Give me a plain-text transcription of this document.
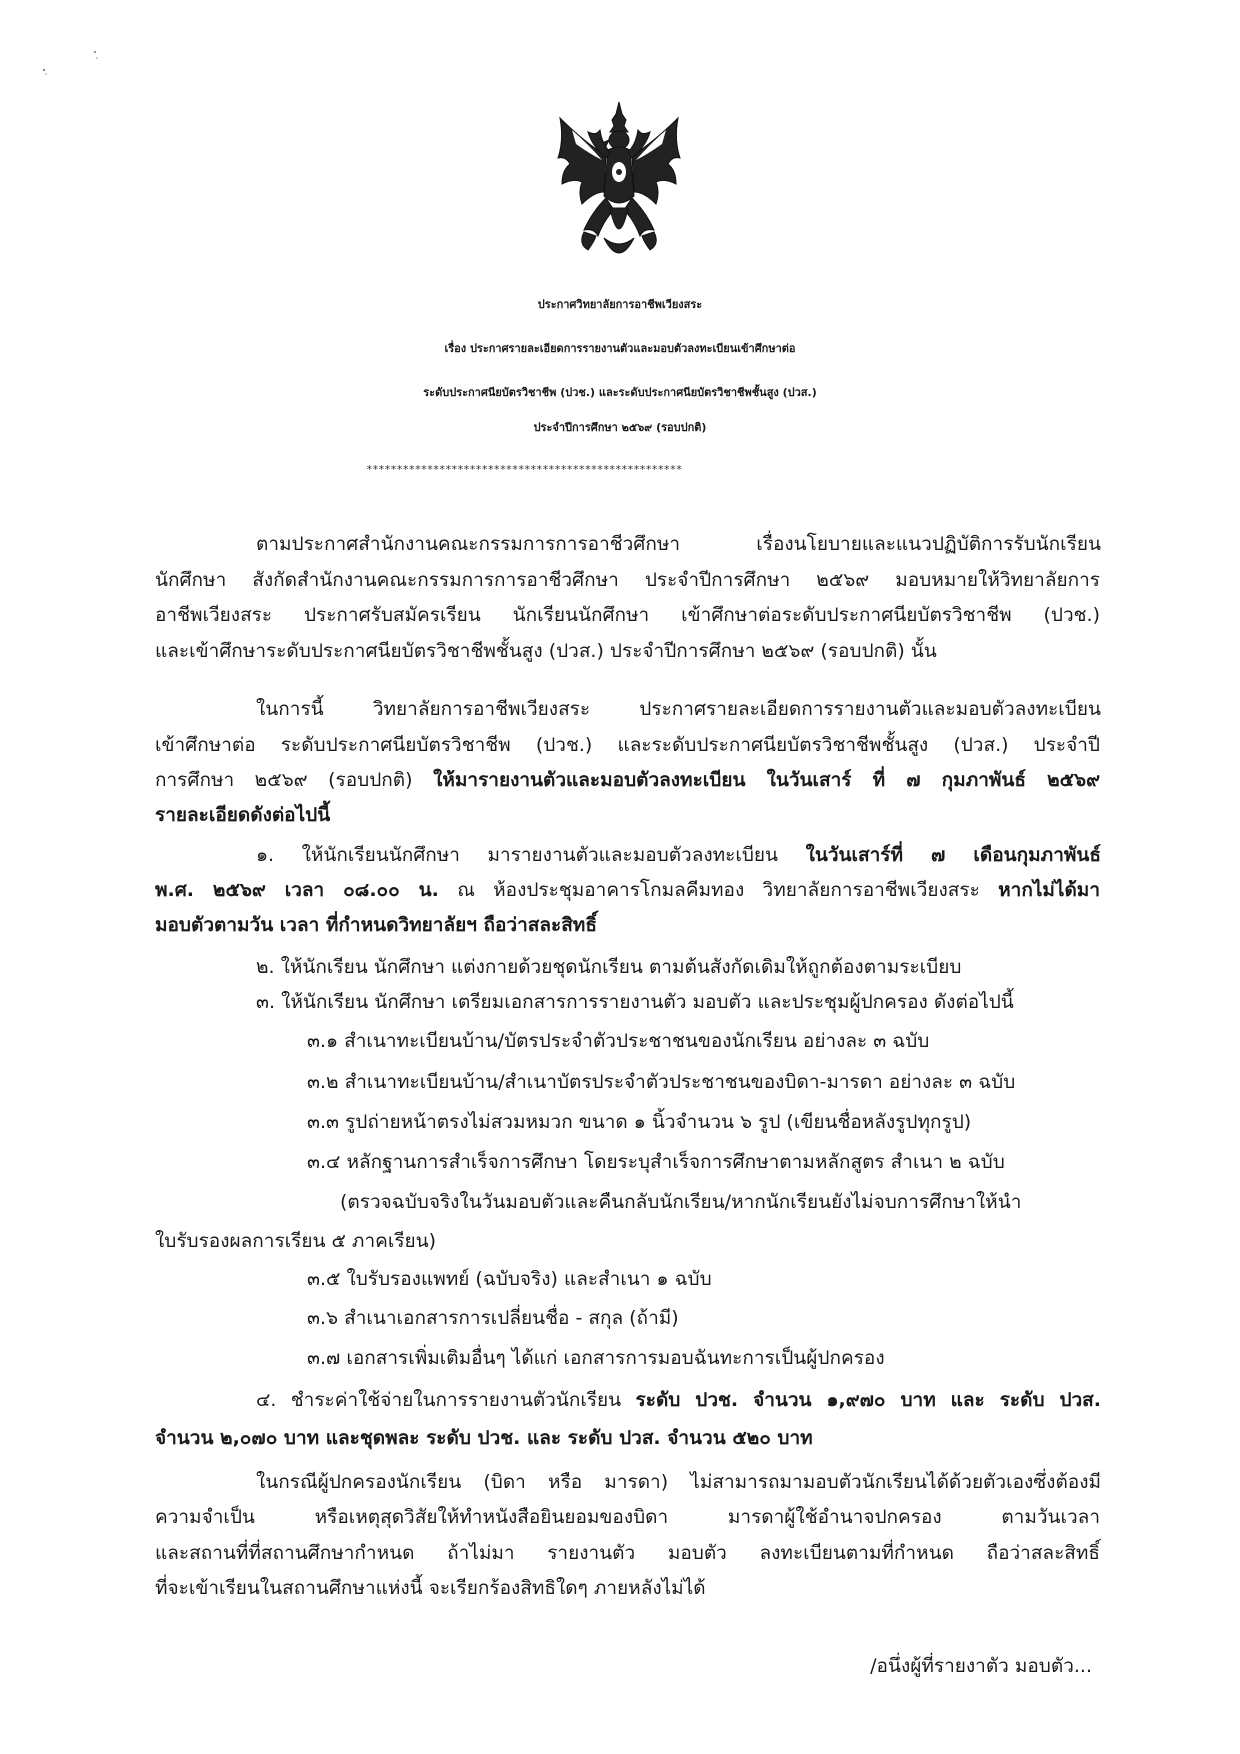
ประกาศวิทยาลัยการอาชีพเวียงสระ
เรื่อง ประกาศรายละเอียดการรายงานตัวและมอบตัวลงทะเบียนเข้าศึกษาต่อ
ระดับประกาศนียบัตรวิชาชีพ (ปวช.) และระดับประกาศนียบัตรวิชาชีพชั้นสูง (ปวส.)
ประจำปีการศึกษา ๒๕๖๙ (รอบปกติ)
****************************************************
ตามประกาศสำนักงานคณะกรรมการการอาชีวศึกษา เรื่องนโยบายและแนวปฏิบัติการรับนักเรียน
นักศึกษา สังกัดสำนักงานคณะกรรมการการอาชีวศึกษา ประจำปีการศึกษา ๒๕๖๙ มอบหมายให้วิทยาลัยการ
อาชีพเวียงสระ ประกาศรับสมัครเรียน นักเรียนนักศึกษา เข้าศึกษาต่อระดับประกาศนียบัตรวิชาชีพ (ปวช.)
และเข้าศึกษาระดับประกาศนียบัตรวิชาชีพชั้นสูง (ปวส.) ประจำปีการศึกษา ๒๕๖๙ (รอบปกติ) นั้น
ในการนี้ วิทยาลัยการอาชีพเวียงสระ ประกาศรายละเอียดการรายงานตัวและมอบตัวลงทะเบียน
เข้าศึกษาต่อ ระดับประกาศนียบัตรวิชาชีพ (ปวช.) และระดับประกาศนียบัตรวิชาชีพชั้นสูง (ปวส.) ประจำปี
การศึกษา ๒๕๖๙ (รอบปกติ) ให้มารายงานตัวและมอบตัวลงทะเบียน ในวันเสาร์ ที่ ๗ กุมภาพันธ์ ๒๕๖๙
รายละเอียดดังต่อไปนี้
๑. ให้นักเรียนนักศึกษา มารายงานตัวและมอบตัวลงทะเบียน ในวันเสาร์ที่ ๗ เดือนกุมภาพันธ์
พ.ศ. ๒๕๖๙ เวลา ๐๘.๐๐ น. ณ ห้องประชุมอาคารโกมลคีมทอง วิทยาลัยการอาชีพเวียงสระ หากไม่ได้มา
มอบตัวตามวัน เวลา ที่กำหนดวิทยาลัยฯ ถือว่าสละสิทธิ์
๒. ให้นักเรียน นักศึกษา แต่งกายด้วยชุดนักเรียน ตามต้นสังกัดเดิมให้ถูกต้องตามระเบียบ
๓. ให้นักเรียน นักศึกษา เตรียมเอกสารการรายงานตัว มอบตัว และประชุมผู้ปกครอง ดังต่อไปนี้
๓.๑ สำเนาทะเบียนบ้าน/บัตรประจำตัวประชาชนของนักเรียน อย่างละ ๓ ฉบับ
๓.๒ สำเนาทะเบียนบ้าน/สำเนาบัตรประจำตัวประชาชนของบิดา-มารดา อย่างละ ๓ ฉบับ
๓.๓ รูปถ่ายหน้าตรงไม่สวมหมวก ขนาด ๑ นิ้วจำนวน ๖ รูป (เขียนชื่อหลังรูปทุกรูป)
๓.๔ หลักฐานการสำเร็จการศึกษา โดยระบุสำเร็จการศึกษาตามหลักสูตร สำเนา ๒ ฉบับ
(ตรวจฉบับจริงในวันมอบตัวและคืนกลับนักเรียน/หากนักเรียนยังไม่จบการศึกษาให้นำ
ใบรับรองผลการเรียน ๕ ภาคเรียน)
๓.๕ ใบรับรองแพทย์ (ฉบับจริง) และสำเนา ๑ ฉบับ
๓.๖ สำเนาเอกสารการเปลี่ยนชื่อ - สกุล (ถ้ามี)
๓.๗ เอกสารเพิ่มเติมอื่นๆ ได้แก่ เอกสารการมอบฉันทะการเป็นผู้ปกครอง
๔. ชำระค่าใช้จ่ายในการรายงานตัวนักเรียน ระดับ ปวช. จำนวน ๑,๙๗๐ บาท และ ระดับ ปวส.
จำนวน ๒,๐๗๐ บาท และชุดพละ ระดับ ปวช. และ ระดับ ปวส. จำนวน ๕๒๐ บาท
ในกรณีผู้ปกครองนักเรียน (บิดา หรือ มารดา) ไม่สามารถมามอบตัวนักเรียนได้ด้วยตัวเองซึ่งต้องมี
ความจำเป็น หรือเหตุสุดวิสัยให้ทำหนังสือยินยอมของบิดา มารดาผู้ใช้อำนาจปกครอง ตามวันเวลา
และสถานที่ที่สถานศึกษากำหนด ถ้าไม่มา รายงานตัว มอบตัว ลงทะเบียนตามที่กำหนด ถือว่าสละสิทธิ์
ที่จะเข้าเรียนในสถานศึกษาแห่งนี้ จะเรียกร้องสิทธิใดๆ ภายหลังไม่ได้
/อนึ่งผู้ที่รายงาตัว มอบตัว...
